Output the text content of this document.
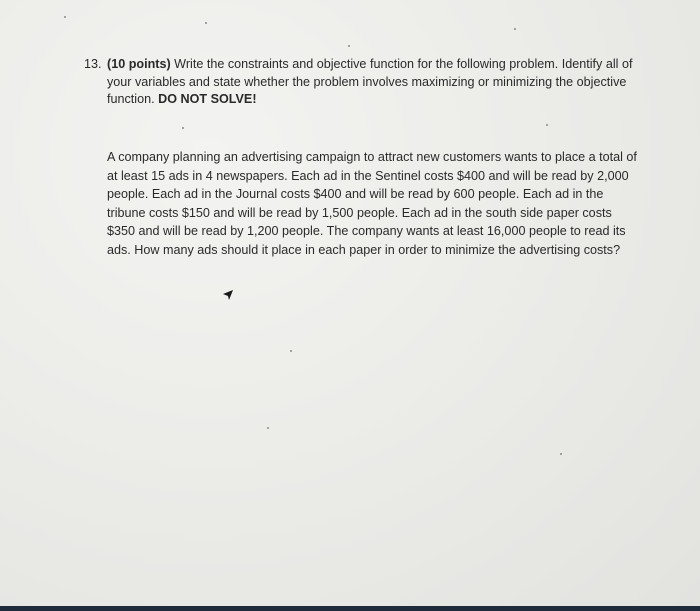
13. (10 points) Write the constraints and objective function for the following problem. Identify all of your variables and state whether the problem involves maximizing or minimizing the objective function. DO NOT SOLVE!
A company planning an advertising campaign to attract new customers wants to place a total of at least 15 ads in 4 newspapers. Each ad in the Sentinel costs $400 and will be read by 2,000 people. Each ad in the Journal costs $400 and will be read by 600 people. Each ad in the tribune costs $150 and will be read by 1,500 people. Each ad in the south side paper costs $350 and will be read by 1,200 people. The company wants at least 16,000 people to read its ads. How many ads should it place in each paper in order to minimize the advertising costs?
